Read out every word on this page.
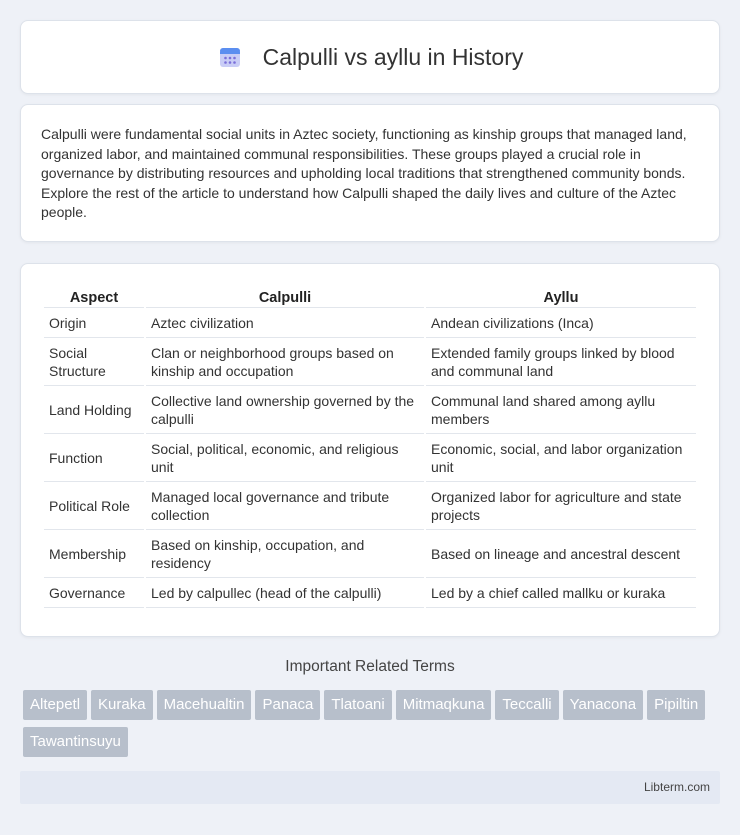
Calpulli vs ayllu in History

Calpulli were fundamental social units in Aztec society, functioning as kinship groups that managed land, organized labor, and maintained communal responsibilities. These groups played a crucial role in governance by distributing resources and upholding local traditions that strengthened community bonds. Explore the rest of the article to understand how Calpulli shaped the daily lives and culture of the Aztec people.

Aspect	Calpulli	Ayllu
Origin	Aztec civilization	Andean civilizations (Inca)
Social Structure	Clan or neighborhood groups based on kinship and occupation	Extended family groups linked by blood and communal land
Land Holding	Collective land ownership governed by the calpulli	Communal land shared among ayllu members
Function	Social, political, economic, and religious unit	Economic, social, and labor organization unit
Political Role	Managed local governance and tribute collection	Organized labor for agriculture and state projects
Membership	Based on kinship, occupation, and residency	Based on lineage and ancestral descent
Governance	Led by calpullec (head of the calpulli)	Led by a chief called mallku or kuraka
Important Related Terms
Altepetl Kuraka Macehualtin Panaca Tlatoani Mitmaqkuna Teccalli Yanacona PipiltinTawantinsuyu
Libterm.com
